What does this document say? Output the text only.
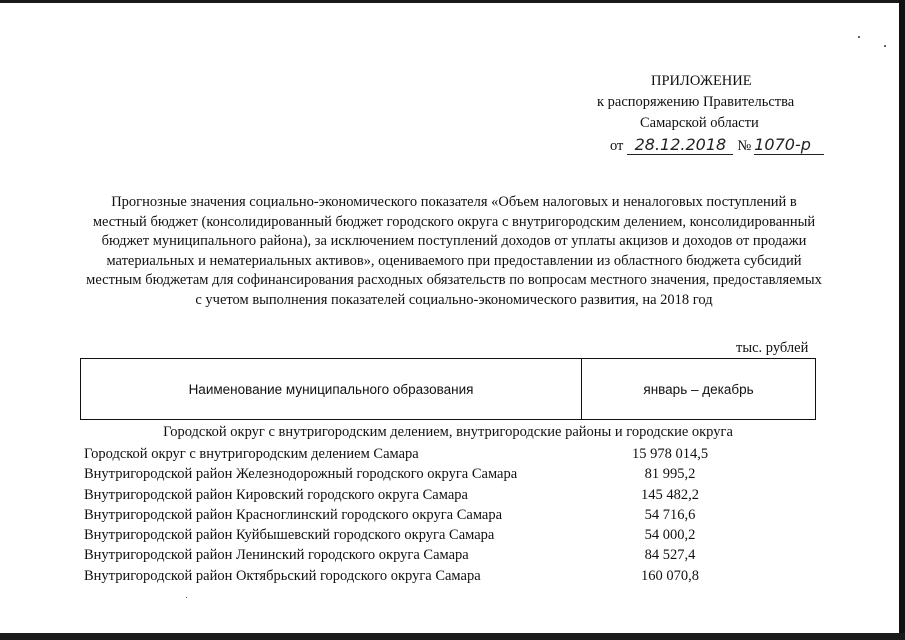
ПРИЛОЖЕНИЕ
к распоряжению Правительства
Самарской области
от 28.12.2018 № 1070-р
Прогнозные значения социально-экономического показателя «Объем налоговых и неналоговых поступлений в местный бюджет (консолидированный бюджет городского округа с внутригородским делением, консолидированный бюджет муниципального района), за исключением поступлений доходов от уплаты акцизов и доходов от продажи материальных и нематериальных активов», оцениваемого при предоставлении из областного бюджета субсидий местным бюджетам для софинансирования расходных обязательств по вопросам местного значения, предоставляемых с учетом выполнения показателей социально-экономического развития, на 2018 год
тыс. рублей
Наименование муниципального образования	январь – декабрь
Городской округ с внутригородским делением, внутригородские районы и городские округа
Городской округ с внутригородским делением Самара	15 978 014,5
Внутригородской район Железнодорожный городского округа Самара	81 995,2
Внутригородской район Кировский городского округа Самара	145 482,2
Внутригородской район Красноглинский городского округа Самара	54 716,6
Внутригородской район Куйбышевский городского округа Самара	54 000,2
Внутригородской район Ленинский городского округа Самара	84 527,4
Внутригородской район Октябрьский городского округа Самара	160 070,8
